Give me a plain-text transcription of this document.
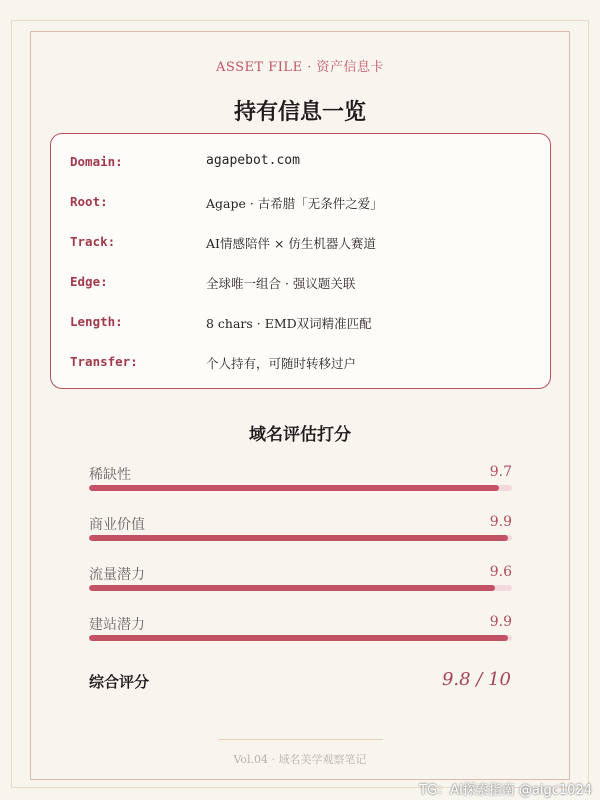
ASSET FILE · 资产信息卡
持有信息一览
Domain:	agapebot.com
Root:	Agape · 古希腊「无条件之爱」
Track:	AI情感陪伴 × 仿生机器人赛道
Edge:	全球唯一组合 · 强议题关联
Length:	8 chars · EMD双词精准匹配
Transfer:	个人持有，可随时转移过户
域名评估打分
稀缺性	9.7
商业价值	9.9
流量潜力	9.6
建站潜力	9.9
综合评分	9.8 / 10
Vol.04 · 域名美学观察笔记
TG：AI探索指南 @aigc1024
